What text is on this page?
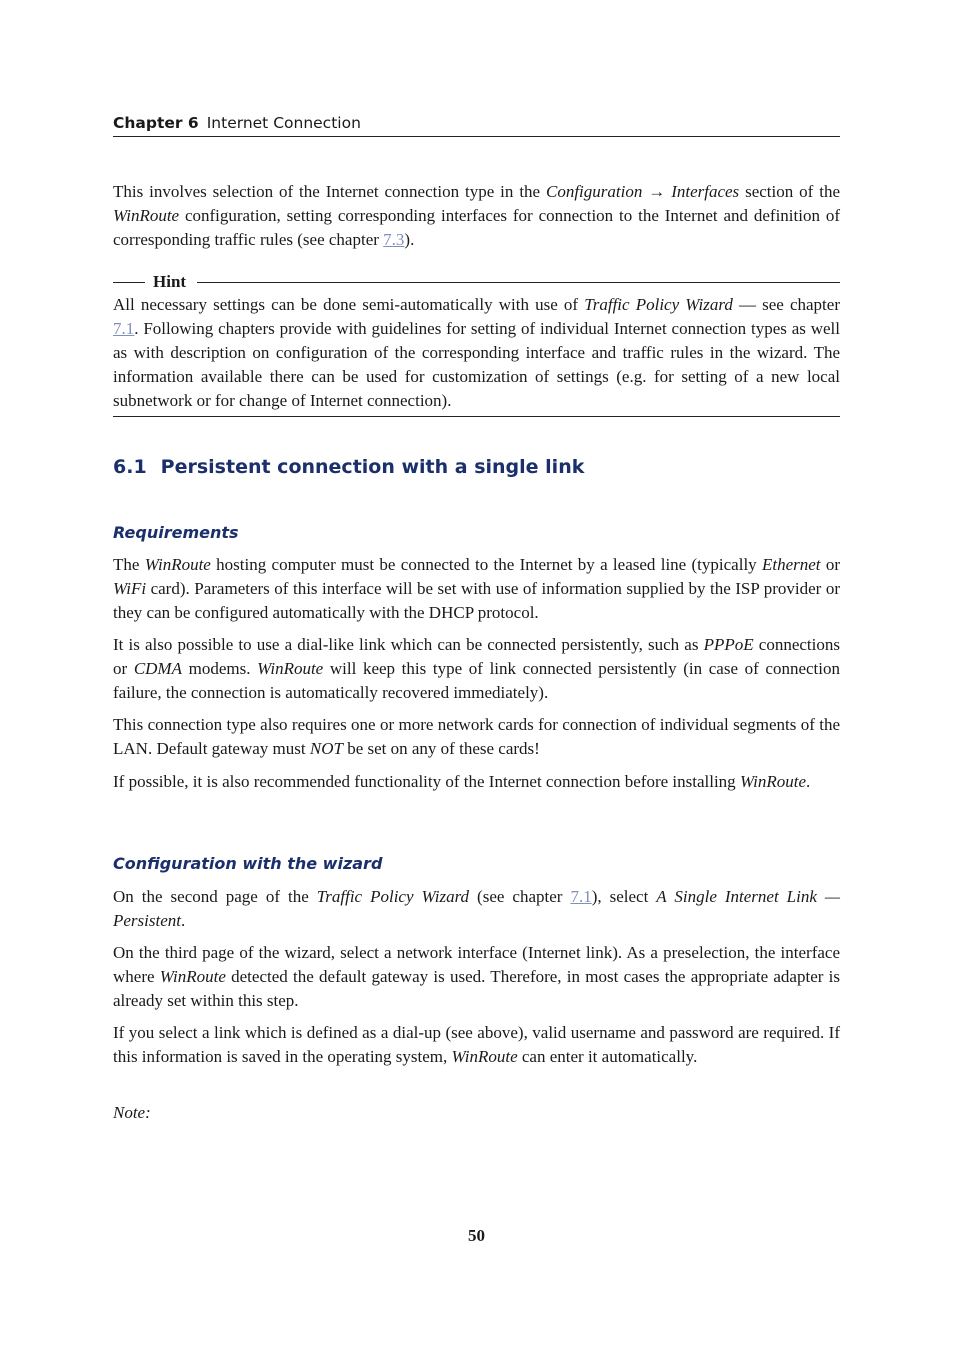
Chapter 6 Internet Connection

This involves selection of the Internet connection type in the Configuration → Interfaces section of the WinRoute configuration, setting corresponding interfaces for connection to the Internet and definition of corresponding traffic rules (see chapter 7.3).

Hint

All necessary settings can be done semi-automatically with use of Traffic Policy Wizard — see chapter 7.1. Following chapters provide with guidelines for setting of individual Internet connection types as well as with description on configuration of the corresponding interface and traffic rules in the wizard. The information available there can be used for customization of settings (e.g. for setting of a new local subnetwork or for change of Internet connection).

6.1 Persistent connection with a single link
Requirements

The WinRoute hosting computer must be connected to the Internet by a leased line (typically Ethernet or WiFi card). Parameters of this interface will be set with use of information supplied by the ISP provider or they can be configured automatically with the DHCP protocol.

It is also possible to use a dial-like link which can be connected persistently, such as PPPoE connections or CDMA modems. WinRoute will keep this type of link connected persistently (in case of connection failure, the connection is automatically recovered immediately).

This connection type also requires one or more network cards for connection of individual segments of the LAN. Default gateway must NOT be set on any of these cards!

If possible, it is also recommended functionality of the Internet connection before installing WinRoute.

Configuration with the wizard

On the second page of the Traffic Policy Wizard (see chapter 7.1), select A Single Internet Link — Persistent.

On the third page of the wizard, select a network interface (Internet link). As a preselection, the interface where WinRoute detected the default gateway is used. Therefore, in most cases the appropriate adapter is already set within this step.

If you select a link which is defined as a dial-up (see above), valid username and password are required. If this information is saved in the operating system, WinRoute can enter it automatically.

Note:

50
